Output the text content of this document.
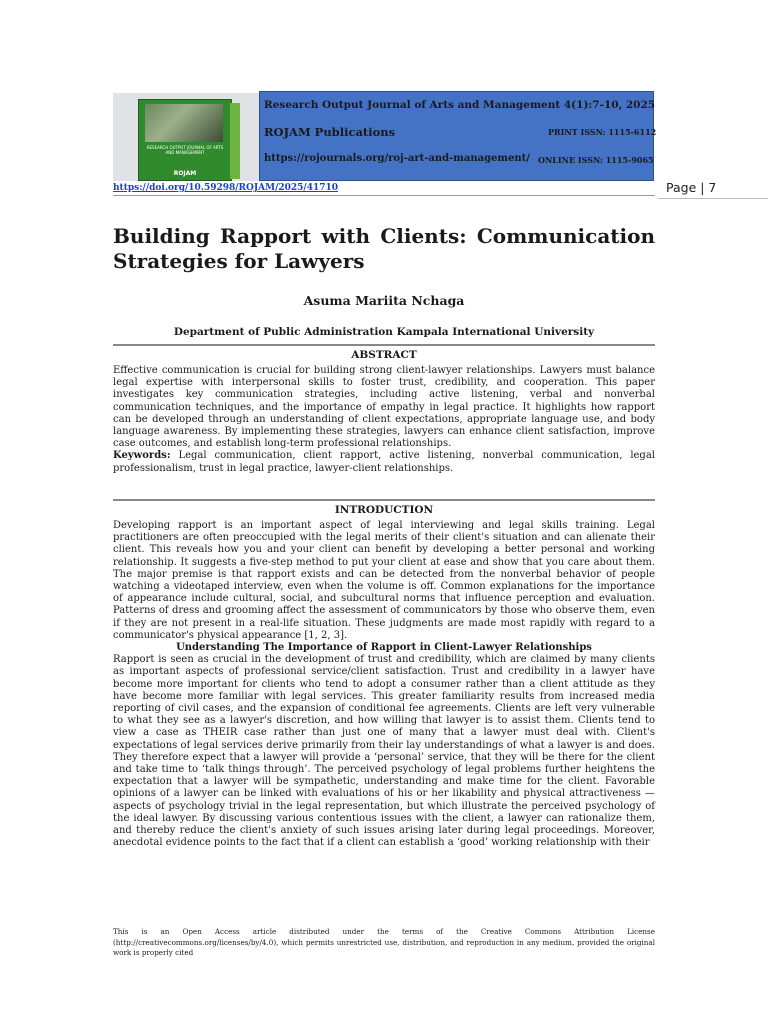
RESEARCH OUTPUT JOURNAL OF ARTS AND MANAGEMENT
ROJAM
Research Output Journal of Arts and Management 4(1):7-10, 2025
ROJAM Publications	PRINT ISSN: 1115-6112
https://rojournals.org/roj-art-and-management/ ONLINE ISSN: 1115-9065
https://doi.org/10.59298/ROJAM/2025/41710	Page | 7
Building Rapport with Clients: Communication
Strategies for Lawyers
Asuma Mariita Nchaga
Department of Public Administration Kampala International University
ABSTRACT

Effective communication is crucial for building strong client-lawyer relationships. Lawyers must balance legal expertise with interpersonal skills to foster trust, credibility, and cooperation. This paper investigates key communication strategies, including active listening, verbal and nonverbal communication techniques, and the importance of empathy in legal practice. It highlights how rapport can be developed through an understanding of client expectations, appropriate language use, and body language awareness. By implementing these strategies, lawyers can enhance client satisfaction, improve case outcomes, and establish long-term professional relationships.

Keywords: Legal communication, client rapport, active listening, nonverbal communication, legal professionalism, trust in legal practice, lawyer-client relationships.

INTRODUCTION

Developing rapport is an important aspect of legal interviewing and legal skills training. Legal practitioners are often preoccupied with the legal merits of their client's situation and can alienate their client. This reveals how you and your client can benefit by developing a better personal and working relationship. It suggests a five-step method to put your client at ease and show that you care about them. The major premise is that rapport exists and can be detected from the nonverbal behavior of people watching a videotaped interview, even when the volume is off. Common explanations for the importance of appearance include cultural, social, and subcultural norms that influence perception and evaluation. Patterns of dress and grooming affect the assessment of communicators by those who observe them, even if they are not present in a real-life situation. These judgments are made most rapidly with regard to a communicator's physical appearance [1, 2, 3].

Understanding The Importance of Rapport in Client-Lawyer Relationships

Rapport is seen as crucial in the development of trust and credibility, which are claimed by many clients as important aspects of professional service/client satisfaction. Trust and credibility in a lawyer have become more important for clients who tend to adopt a consumer rather than a client attitude as they have become more familiar with legal services. This greater familiarity results from increased media reporting of civil cases, and the expansion of conditional fee agreements. Clients are left very vulnerable to what they see as a lawyer's discretion, and how willing that lawyer is to assist them. Clients tend to view a case as THEIR case rather than just one of many that a lawyer must deal with. Client's expectations of legal services derive primarily from their lay understandings of what a lawyer is and does. They therefore expect that a lawyer will provide a ‘personal’ service, that they will be there for the client and take time to ‘talk things through’. The perceived psychology of legal problems further heightens the expectation that a lawyer will be sympathetic, understanding and make time for the client. Favorable opinions of a lawyer can be linked with evaluations of his or her likability and physical attractiveness — aspects of psychology trivial in the legal representation, but which illustrate the perceived psychology of the ideal lawyer. By discussing various contentious issues with the client, a lawyer can rationalize them, and thereby reduce the client's anxiety of such issues arising later during legal proceedings. Moreover, anecdotal evidence points to the fact that if a client can establish a ‘good’ working relationship with their

This is an Open Access article distributed under the terms of the Creative Commons Attribution License (http://creativecommons.org/licenses/by/4.0), which permits unrestricted use, distribution, and reproduction in any medium, provided the original work is properly cited
